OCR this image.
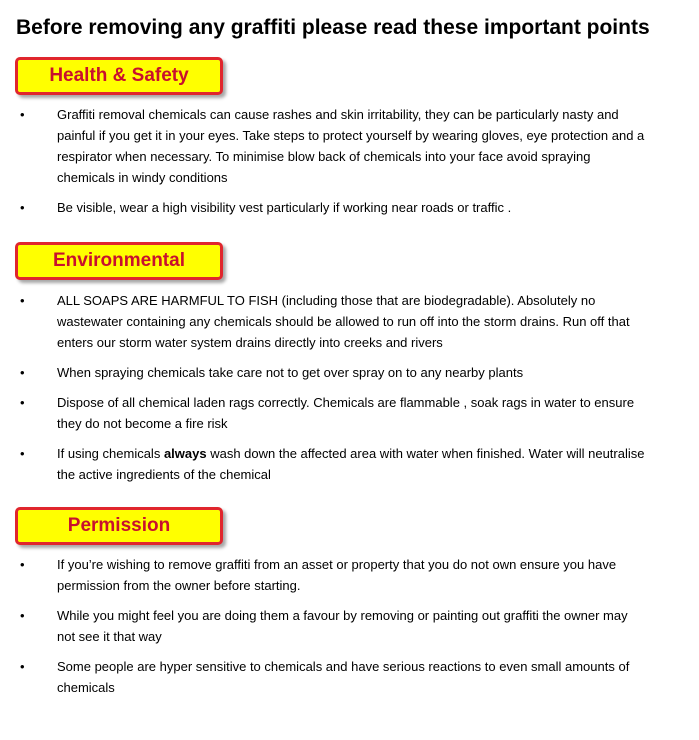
Before removing any graffiti please read these important points
Health & Safety
• Graffiti removal chemicals can cause rashes and skin irritability, they can be particularly nasty and painful if you get it in your eyes. Take steps to protect yourself by wearing gloves, eye protection and a respirator when necessary. To minimise blow back of chemicals into your face avoid spraying chemicals in windy conditions
• Be visible, wear a high visibility vest particularly if working near roads or traffic .
Environmental
• ALL SOAPS ARE HARMFUL TO FISH (including those that are biodegradable). Absolutely no wastewater containing any chemicals should be allowed to run off into the storm drains. Run off that enters our storm water system drains directly into creeks and rivers
• When spraying chemicals take care not to get over spray on to any nearby plants
• Dispose of all chemical laden rags correctly. Chemicals are flammable , soak rags in water to ensure they do not become a fire risk
• If using chemicals always wash down the affected area with water when finished. Water will neutralise the active ingredients of the chemical
Permission
• If you’re wishing to remove graffiti from an asset or property that you do not own ensure you have permission from the owner before starting.
• While you might feel you are doing them a favour by removing or painting out graffiti the owner may not see it that way
• Some people are hyper sensitive to chemicals and have serious reactions to even small amounts of chemicals
